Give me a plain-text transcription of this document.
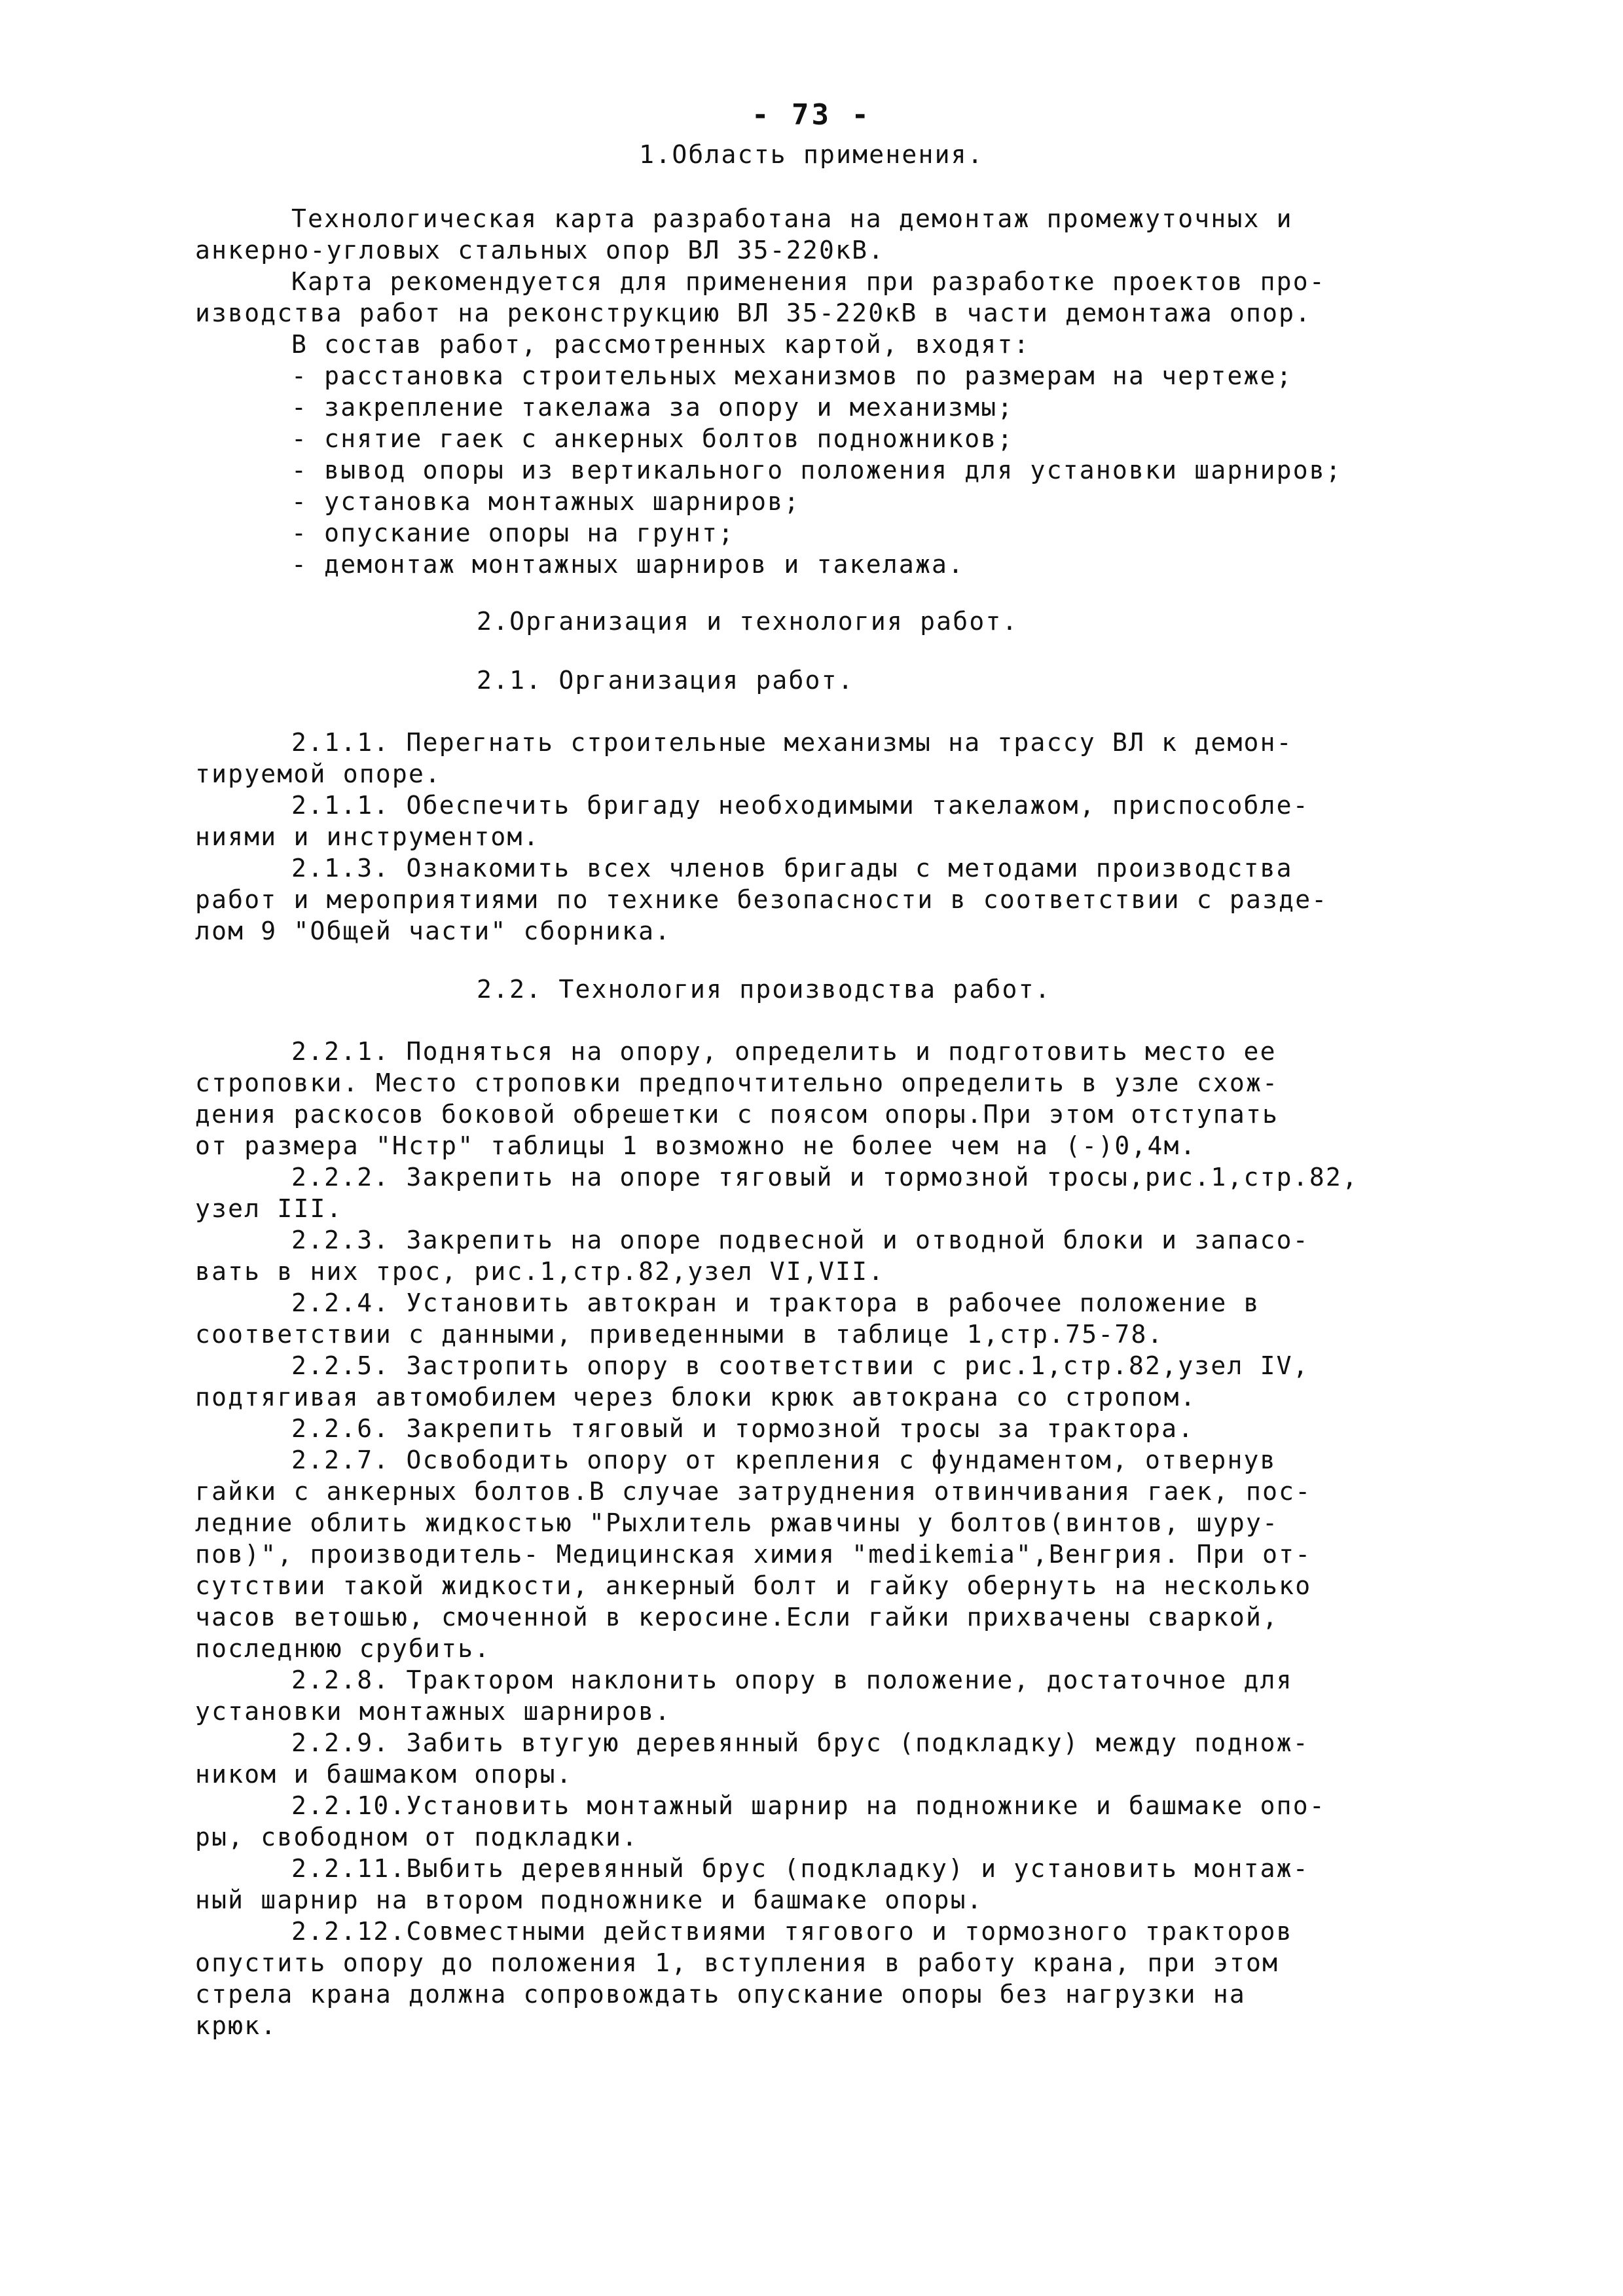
- 73 -
1.Область применения.
Технологическая карта разработана на демонтаж промежуточных и
анкерно-угловых стальных опор ВЛ 35-220кВ.
Карта рекомендуется для применения при разработке проектов про-
изводства работ на реконструкцию ВЛ 35-220кВ в части демонтажа опор.
В состав работ, рассмотренных картой, входят:
- расстановка строительных механизмов по размерам на чертеже;
- закрепление такелажа за опору и механизмы;
- снятие гаек с анкерных болтов подножников;
- вывод опоры из вертикального положения для установки шарниров;
- установка монтажных шарниров;
- опускание опоры на грунт;
- демонтаж монтажных шарниров и такелажа.
2.Организация и технология работ.
2.1. Организация работ.
2.1.1. Перегнать строительные механизмы на трассу ВЛ к демон-
тируемой опоре.
2.1.1. Обеспечить бригаду необходимыми такелажом, приспособле-
ниями и инструментом.
2.1.3. Ознакомить всех членов бригады с методами производства
работ и мероприятиями по технике безопасности в соответствии с разде-
лом 9 "Общей части" сборника.
2.2. Технология производства работ.
2.2.1. Подняться на опору, определить и подготовить место ее
строповки. Место строповки предпочтительно определить в узле схож-
дения раскосов боковой обрешетки с поясом опоры.При этом отступать
от размера "Нстр" таблицы 1 возможно не более чем на (-)0,4м.
2.2.2. Закрепить на опоре тяговый и тормозной тросы,рис.1,стр.82,
узел III.
2.2.3. Закрепить на опоре подвесной и отводной блоки и запасо-
вать в них трос, рис.1,стр.82,узел VI,VII.
2.2.4. Установить автокран и трактора в рабочее положение в
соответствии с данными, приведенными в таблице 1,стр.75-78.
2.2.5. Застропить опору в соответствии с рис.1,стр.82,узел IV,
подтягивая автомобилем через блоки крюк автокрана со стропом.
2.2.6. Закрепить тяговый и тормозной тросы за трактора.
2.2.7. Освободить опору от крепления с фундаментом, отвернув
гайки с анкерных болтов.В случае затруднения отвинчивания гаек, пос-
ледние облить жидкостью "Рыхлитель ржавчины у болтов(винтов, шуру-
пов)", производитель- Медицинская химия "medikemia",Венгрия. При от-
сутствии такой жидкости, анкерный болт и гайку обернуть на несколько
часов ветошью, смоченной в керосине.Если гайки прихвачены сваркой,
последнюю срубить.
2.2.8. Трактором наклонить опору в положение, достаточное для
установки монтажных шарниров.
2.2.9. Забить втугую деревянный брус (подкладку) между поднож-
ником и башмаком опоры.
2.2.10.Установить монтажный шарнир на подножнике и башмаке опо-
ры, свободном от подкладки.
2.2.11.Выбить деревянный брус (подкладку) и установить монтаж-
ный шарнир на втором подножнике и башмаке опоры.
2.2.12.Совместными действиями тягового и тормозного тракторов
опустить опору до положения 1, вступления в работу крана, при этом
стрела крана должна сопровождать опускание опоры без нагрузки на
крюк.
